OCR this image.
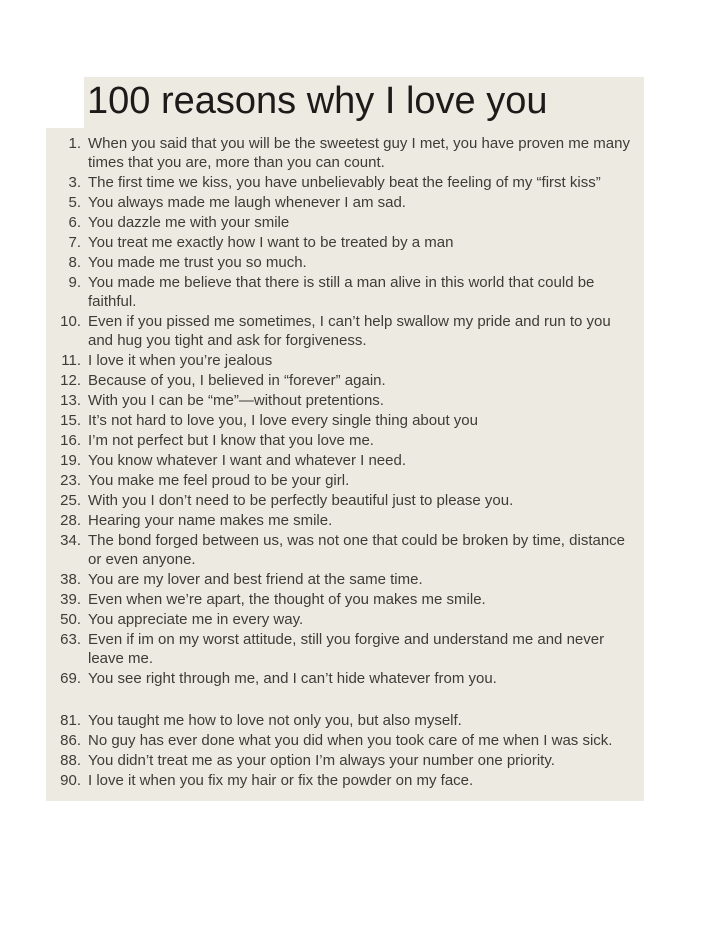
100 reasons why I love you
1. When you said that you will be the sweetest guy I met, you have proven me many times that you are, more than you can count.
3. The first time we kiss, you have unbelievably beat the feeling of my “first kiss”
5. You always made me laugh whenever I am sad.
6. You dazzle me with your smile
7. You treat me exactly how I want to be treated by a man
8. You made me trust you so much.
9. You made me believe that there is still a man alive in this world that could be faithful.
10. Even if you pissed me sometimes, I can’t help swallow my pride and run to you and hug you tight and ask for forgiveness.
11. I love it when you’re jealous
12. Because of you, I believed in “forever” again.
13. With you I can be “me”—without pretentions.
15. It’s not hard to love you, I love every single thing about you
16. I’m not perfect but I know that you love me.
19. You know whatever I want and whatever I need.
23. You make me feel proud to be your girl.
25. With you I don’t need to be perfectly beautiful just to please you.
28. Hearing your name makes me smile.
34. The bond forged between us, was not one that could be broken by time, distance or even anyone.
38. You are my lover and best friend at the same time.
39. Even when we’re apart, the thought of you makes me smile.
50. You appreciate me in every way.
63. Even if im on my worst attitude, still you forgive and understand me and never leave me.
69. You see right through me, and I can’t hide whatever from you.
81. You taught me how to love not only you, but also myself.
86. No guy has ever done what you did when you took care of me when I was sick.
88. You didn’t treat me as your option I’m always your number one priority.
90. I love it when you fix my hair or fix the powder on my face.
